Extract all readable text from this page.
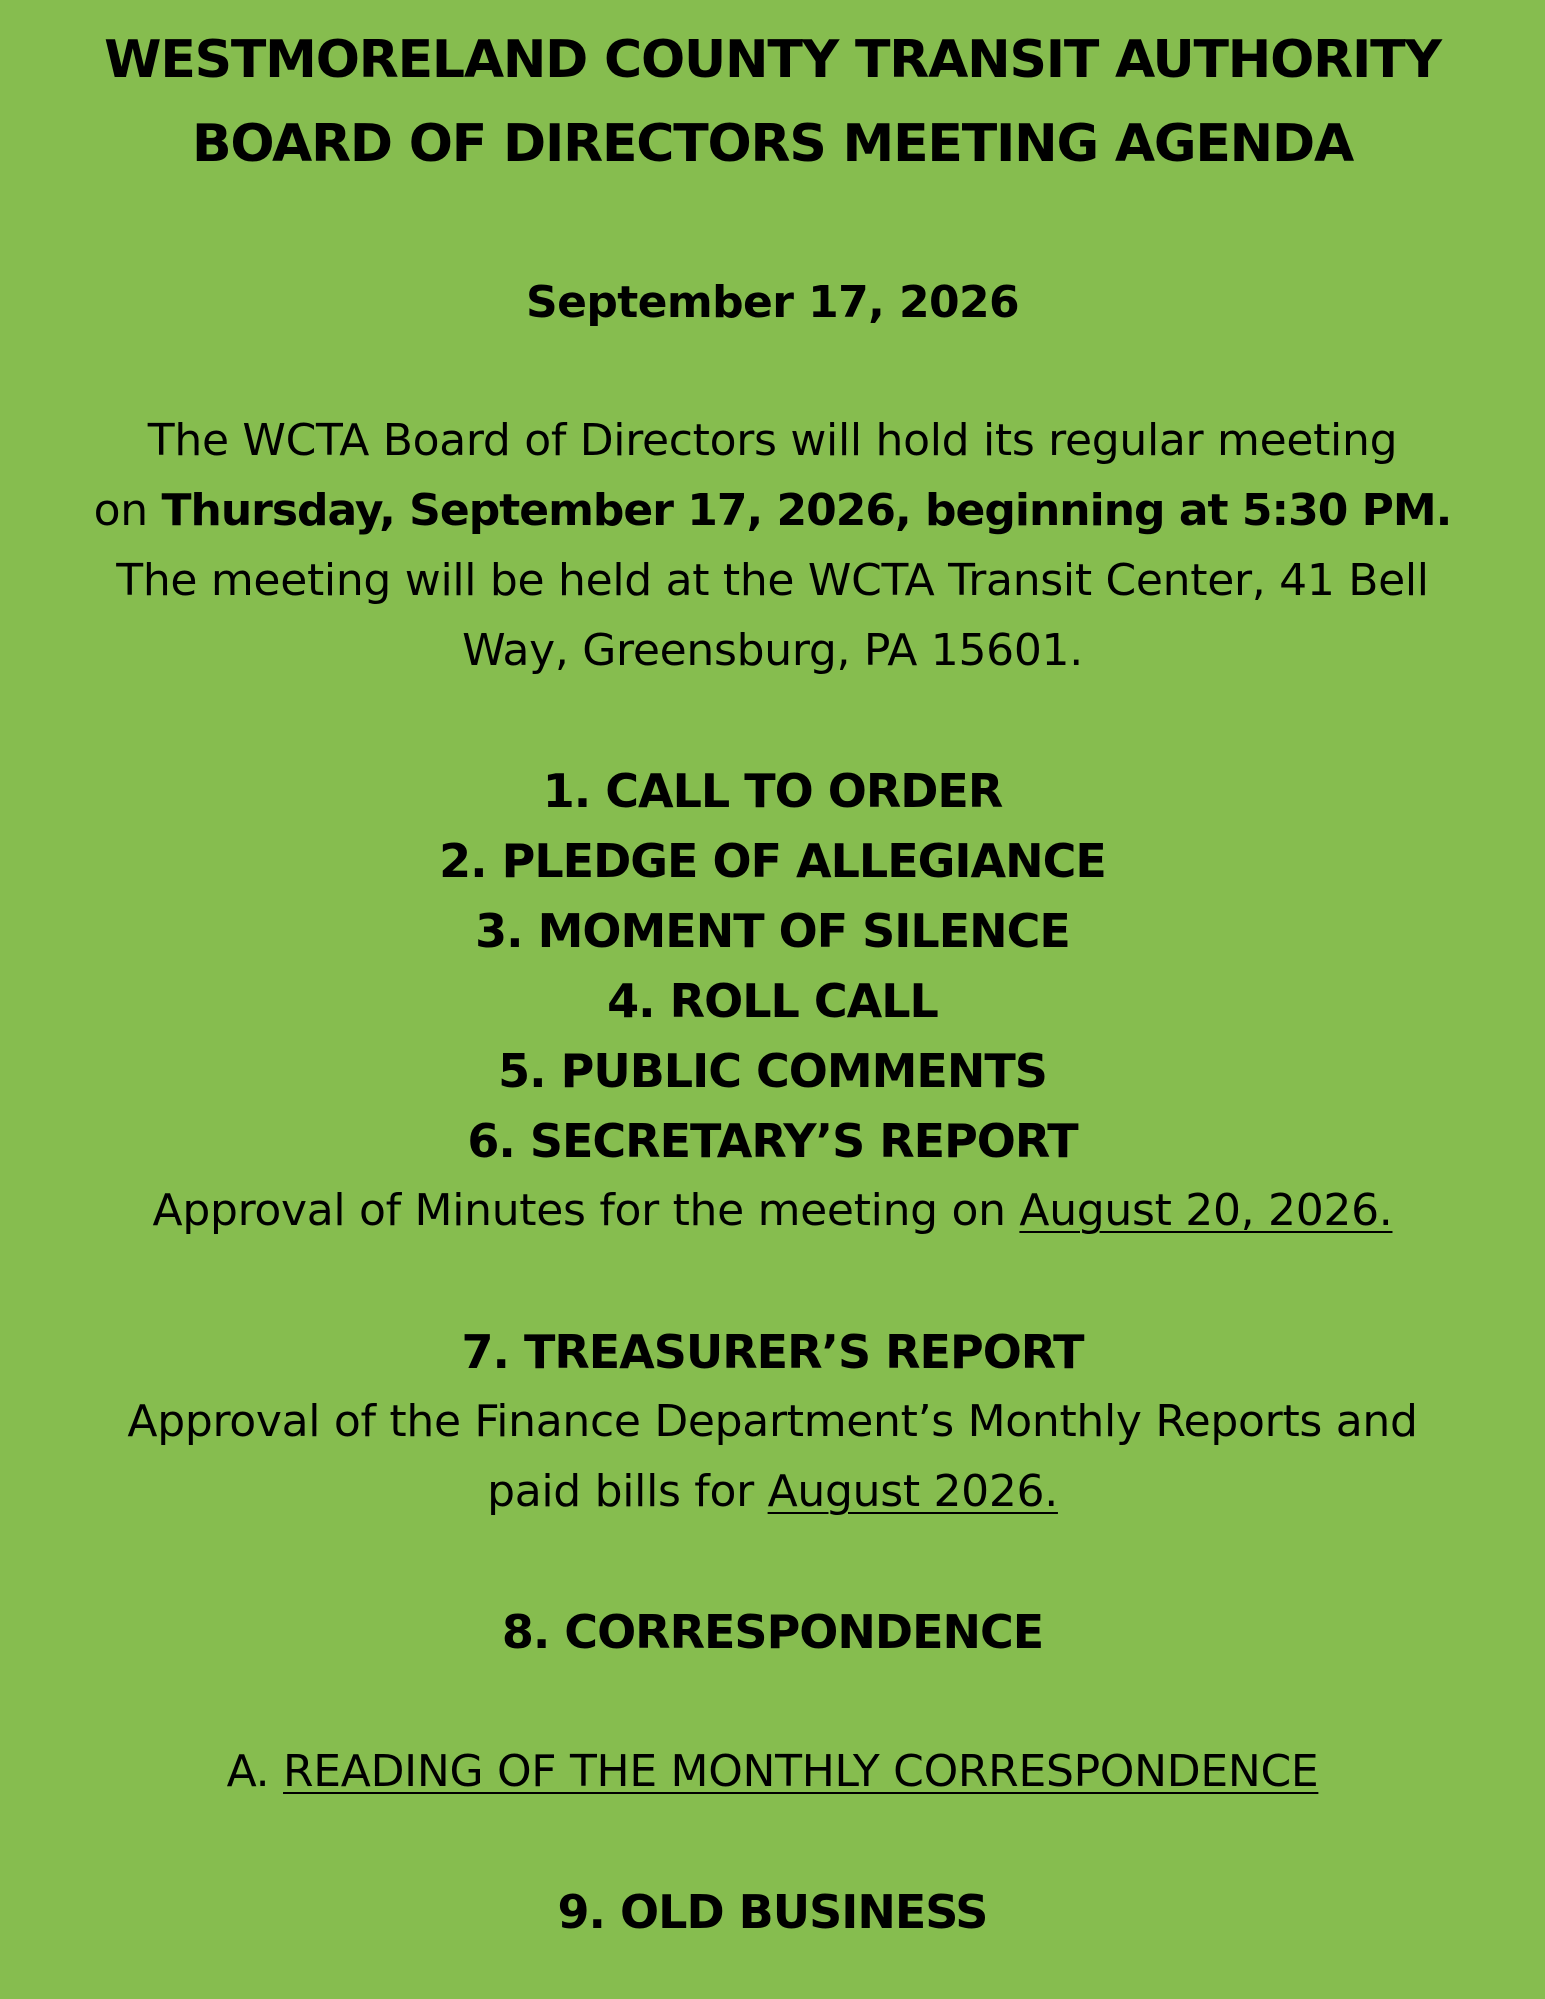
WESTMORELAND COUNTY TRANSIT AUTHORITY
BOARD OF DIRECTORS MEETING AGENDA
September 17, 2026
The WCTA Board of Directors will hold its regular meeting
on Thursday, September 17, 2026, beginning at 5:30 PM.
The meeting will be held at the WCTA Transit Center, 41 Bell
Way, Greensburg, PA 15601.
1. CALL TO ORDER
2. PLEDGE OF ALLEGIANCE
3. MOMENT OF SILENCE
4. ROLL CALL
5. PUBLIC COMMENTS
6. SECRETARY’S REPORT
Approval of Minutes for the meeting on August 20, 2026.
7. TREASURER’S REPORT
Approval of the Finance Department’s Monthly Reports and
paid bills for August 2026.
8. CORRESPONDENCE
A. READING OF THE MONTHLY CORRESPONDENCE
9. OLD BUSINESS
